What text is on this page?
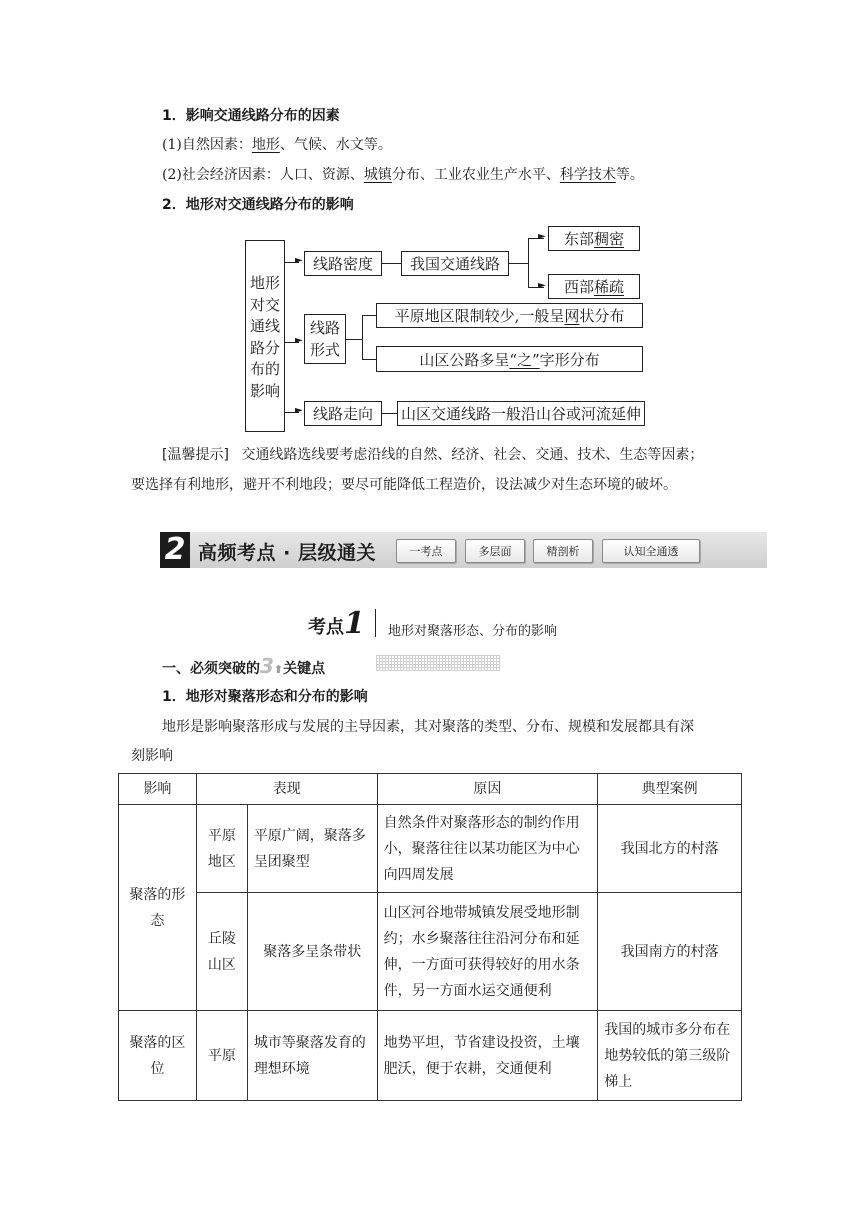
1．影响交通线路分布的因素
(1)自然因素：地形、气候、水文等。
(2)社会经济因素：人口、资源、城镇分布、工业农业生产水平、科学技术等。
2．地形对交通线路分布的影响
地形
对交
通线
路分
布的
影响
►
►
►
线路密度	我国交通线路
►
►
东部 稠密
西部 稀疏
线路
形式
平原地区限制较少,一般呈 网 状分布
山区公路多呈 “之” 字形分布
线路走向	山区交通线路一般沿山谷或河流延伸
[温馨提示] 交通线路选线要考虑沿线的自然、经济、社会、交通、技术、生态等因素；
要选择有利地形，避开不利地段；要尽可能降低工程造价，设法减少对生态环境的破坏。
2 高频考点 · 层级通关	一考点	多层面	精剖析	认知全通透
考点1 地形对聚落形态、分布的影响
一、必须突破的3⬆关键点
1．地形对聚落形态和分布的影响
地形是影响聚落形成与发展的主导因素，其对聚落的类型、分布、规模和发展都具有深
刻影响
影响	表现		原因	典型案例
聚落的形态	平原地区	平原广阔，聚落多呈团聚型	自然条件对聚落形态的制约作用小，聚落往往以某功能区为中心向四周发展	我国北方的村落
	丘陵山区	聚落多呈条带状	山区河谷地带城镇发展受地形制约；水乡聚落往往沿河分布和延伸，一方面可获得较好的用水条件，另一方面水运交通便利	我国南方的村落
聚落的区位	平原	城市等聚落发育的理想环境	地势平坦，节省建设投资，土壤肥沃，便于农耕，交通便利	我国的城市多分布在地势较低的第三级阶梯上
